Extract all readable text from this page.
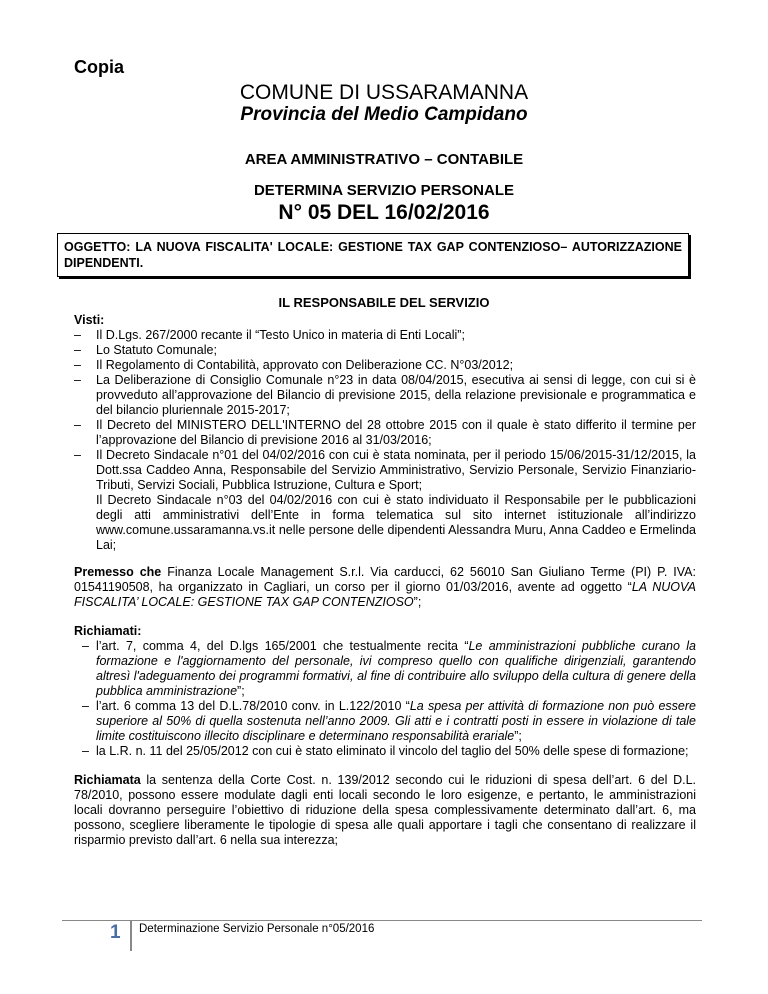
Copia
COMUNE DI USSARAMANNA
Provincia del Medio Campidano
AREA AMMINISTRATIVO – CONTABILE
DETERMINA SERVIZIO PERSONALE
N° 05 DEL 16/02/2016
OGGETTO: LA NUOVA FISCALITA' LOCALE: GESTIONE TAX GAP CONTENZIOSO– AUTORIZZAZIONE DIPENDENTI.
IL RESPONSABILE DEL SERVIZIO

Visti:

– Il D.Lgs. 267/2000 recante il “Testo Unico in materia di Enti Locali”;
– Lo Statuto Comunale;
– Il Regolamento di Contabilità, approvato con Deliberazione CC. N°03/2012;
– La Deliberazione di Consiglio Comunale n°23 in data 08/04/2015, esecutiva ai sensi di legge, con cui si è provveduto all’approvazione del Bilancio di previsione 2015, della relazione previsionale e programmatica e del bilancio pluriennale 2015-2017;
– Il Decreto del MINISTERO DELL'INTERNO del 28 ottobre 2015 con il quale è stato differito il termine per l’approvazione del Bilancio di previsione 2016 al 31/03/2016;
– Il Decreto Sindacale n°01 del 04/02/2016 con cui è stata nominata, per il periodo 15/06/2015-31/12/2015, la Dott.ssa Caddeo Anna, Responsabile del Servizio Amministrativo, Servizio Personale, Servizio Finanziario-Tributi, Servizi Sociali, Pubblica Istruzione, Cultura e Sport;
Il Decreto Sindacale n°03 del 04/02/2016 con cui è stato individuato il Responsabile per le pubblicazioni degli atti amministrativi dell’Ente in forma telematica sul sito internet istituzionale all’indirizzo www.comune.ussaramanna.vs.it nelle persone delle dipendenti Alessandra Muru, Anna Caddeo e Ermelinda Lai;

Premesso che Finanza Locale Management S.r.l. Via carducci, 62 56010 San Giuliano Terme (PI) P. IVA: 01541190508, ha organizzato in Cagliari, un corso per il giorno 01/03/2016, avente ad oggetto “LA NUOVA FISCALITA’ LOCALE: GESTIONE TAX GAP CONTENZIOSO”;

Richiamati:

– l’art. 7, comma 4, del D.lgs 165/2001 che testualmente recita “Le amministrazioni pubbliche curano la formazione e l'aggiornamento del personale, ivi compreso quello con qualifiche dirigenziali, garantendo altresì l'adeguamento dei programmi formativi, al fine di contribuire allo sviluppo della cultura di genere della pubblica amministrazione”;
– l’art. 6 comma 13 del D.L.78/2010 conv. in L.122/2010 “La spesa per attività di formazione non può essere superiore al 50% di quella sostenuta nell’anno 2009. Gli atti e i contratti posti in essere in violazione di tale limite costituiscono illecito disciplinare e determinano responsabilità erariale”;
– la L.R. n. 11 del 25/05/2012 con cui è stato eliminato il vincolo del taglio del 50% delle spese di formazione;

Richiamata la sentenza della Corte Cost. n. 139/2012 secondo cui le riduzioni di spesa dell’art. 6 del D.L. 78/2010, possono essere modulate dagli enti locali secondo le loro esigenze, e pertanto, le amministrazioni locali dovranno perseguire l’obiettivo di riduzione della spesa complessivamente determinato dall’art. 6, ma possono, scegliere liberamente le tipologie di spesa alle quali apportare i tagli che consentano di realizzare il risparmio previsto dall’art. 6 nella sua interezza;

1 Determinazione Servizio Personale n°05/2016
